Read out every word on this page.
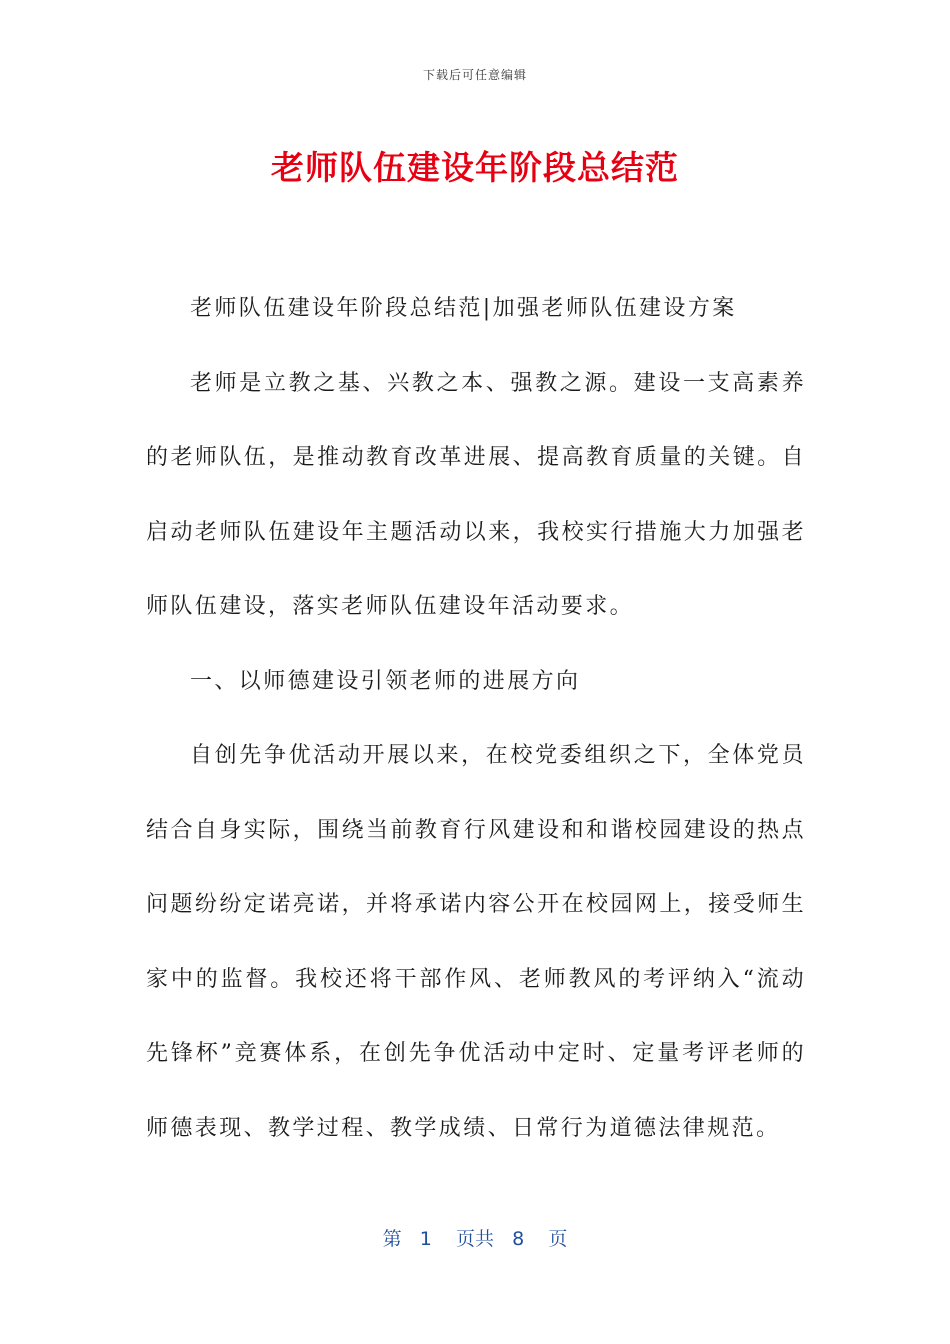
下载后可任意编辑
老师队伍建设年阶段总结范

老师队伍建设年阶段总结范|加强老师队伍建设方案

老师是立教之基、兴教之本、强教之源。建设一支高素养的老师队伍，是推动教育改革进展、提高教育质量的关键。自启动老师队伍建设年主题活动以来，我校实行措施大力加强老师队伍建设，落实老师队伍建设年活动要求。

一、以师德建设引领老师的进展方向

自创先争优活动开展以来，在校党委组织之下，全体党员结合自身实际，围绕当前教育行风建设和和谐校园建设的热点问题纷纷定诺亮诺，并将承诺内容公开在校园网上，接受师生家中的监督。我校还将干部作风、老师教风的考评纳入“流动先锋杯”竞赛体系，在创先争优活动中定时、定量考评老师的师德表现、教学过程、教学成绩、日常行为道德法律规范。

第 1 页共 8 页
